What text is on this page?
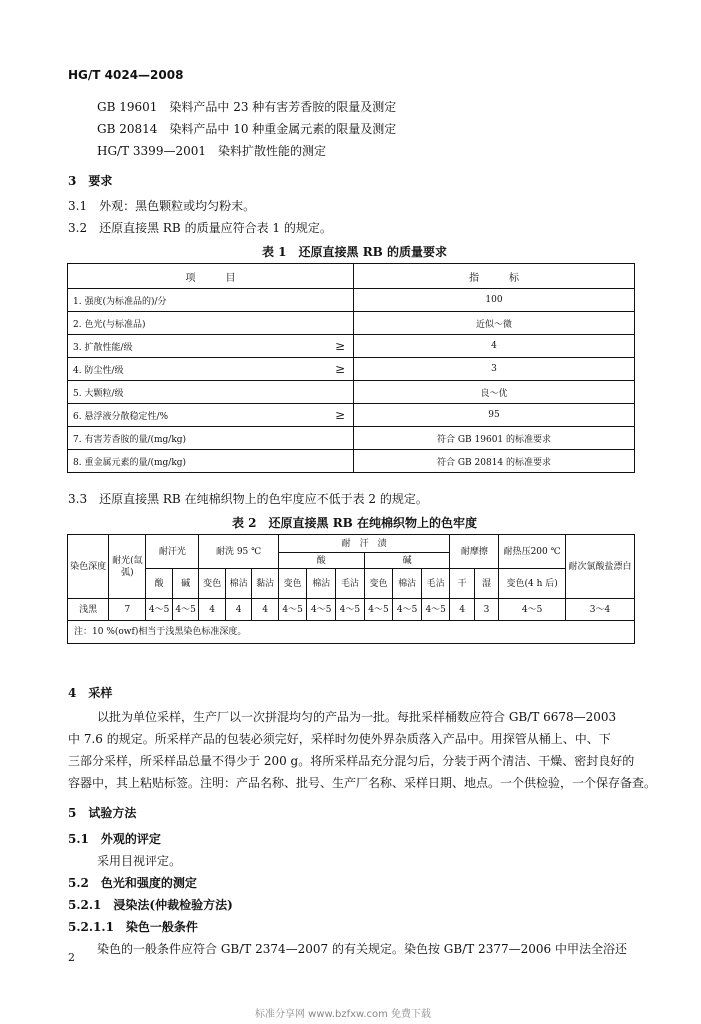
HG/T 4024—2008
GB 19601　染料产品中 23 种有害芳香胺的限量及测定
GB 20814　染料产品中 10 种重金属元素的限量及测定
HG/T 3399—2001　染料扩散性能的测定
3　要求
3.1　外观：黑色颗粒或均匀粉末。
3.2　还原直接黑 RB 的质量应符合表 1 的规定。
表 1　还原直接黑 RB 的质量要求
项　　　目		指　　　标
1. 强度(为标准品的)/分		100
2. 色光(与标准品)		近似～微
3. 扩散性能/级	≥	4
4. 防尘性/级	≥	3
5. 大颗粒/级		良～优
6. 悬浮液分散稳定性/%	≥	95
7. 有害芳香胺的量/(mg/kg)		符合 GB 19601 的标准要求
8. 重金属元素的量/(mg/kg)		符合 GB 20814 的标准要求
3.3　还原直接黑 RB 在纯棉织物上的色牢度应不低于表 2 的规定。
表 2　还原直接黑 RB 在纯棉织物上的色牢度
染色深度	耐光(氙弧)	耐汗光		耐洗 95 ℃			耐　汗　渍						耐摩擦		耐热压200 ℃	耐次氯酸盐漂白
							酸			碱						
		酸	碱	变色	棉沾	黏沾	变色	棉沾	毛沾	变色	棉沾	毛沾	干	湿	变色(4 h 后)	
浅黑	7	4～5	4～5	4	4	4	4～5	4～5	4～5	4～5	4～5	4～5	4	3	4～5	3～4
注：10 %(owf)相当于浅黑染色标准深度。																
4　采样
以批为单位采样，生产厂以一次拼混均匀的产品为一批。每批采样桶数应符合 GB/T 6678—2003
中 7.6 的规定。所采样产品的包装必须完好，采样时勿使外界杂质落入产品中。用探管从桶上、中、下
三部分采样，所采样品总量不得少于 200 g。将所采样品充分混匀后，分装于两个清洁、干燥、密封良好的
容器中，其上粘贴标签。注明：产品名称、批号、生产厂名称、采样日期、地点。一个供检验，一个保存备查。
5　试验方法
5.1　外观的评定
采用目视评定。
5.2　色光和强度的测定
5.2.1　浸染法(仲裁检验方法)
5.2.1.1　染色一般条件
染色的一般条件应符合 GB/T 2374—2007 的有关规定。染色按 GB/T 2377—2006 中甲法全浴还
2
标准分享网 www.bzfxw.com 免费下载
